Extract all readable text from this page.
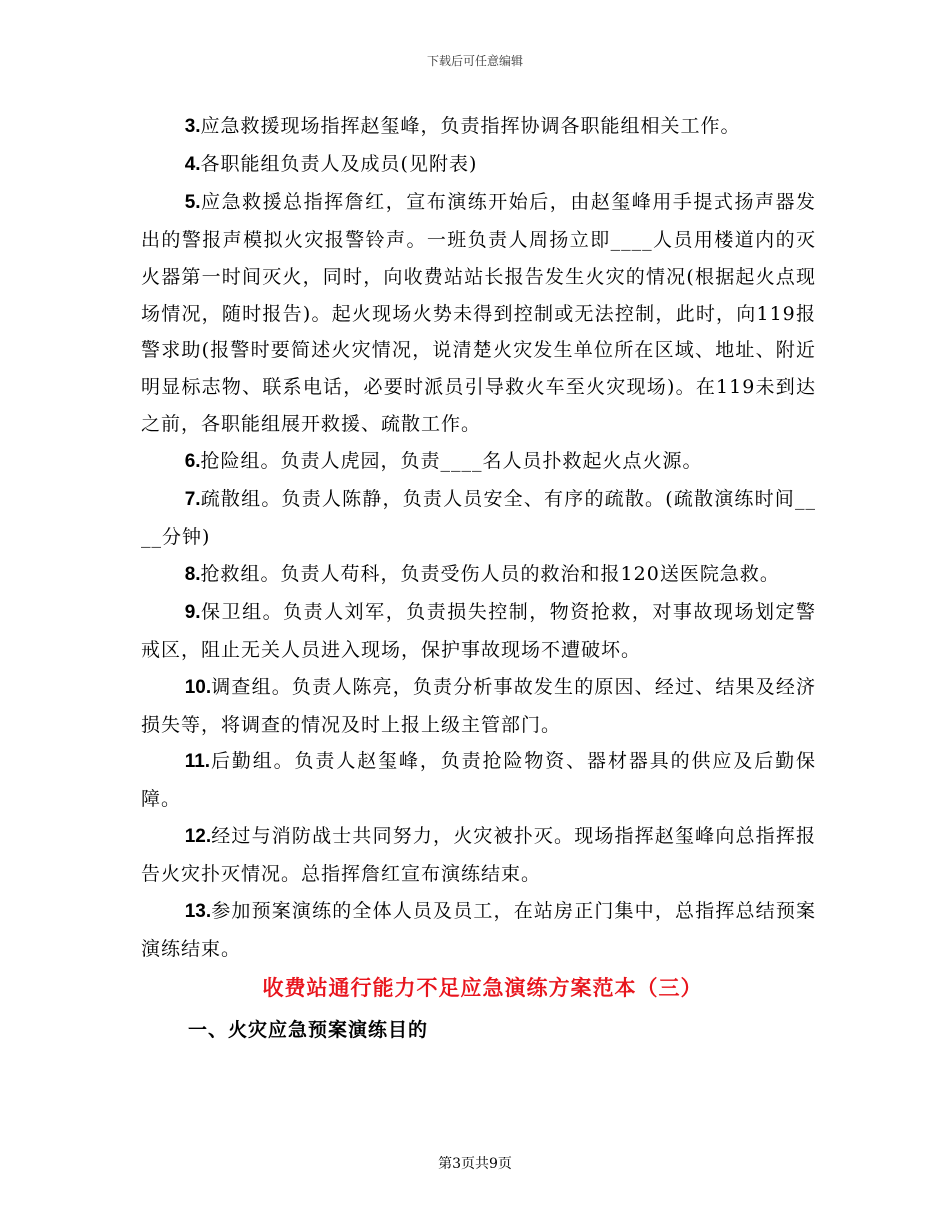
下载后可任意编辑

3.应急救援现场指挥赵玺峰，负责指挥协调各职能组相关工作。

4.各职能组负责人及成员(见附表)

5.应急救援总指挥詹红，宣布演练开始后，由赵玺峰用手提式扬声器发出的警报声模拟火灾报警铃声。一班负责人周扬立即____人员用楼道内的灭火器第一时间灭火，同时，向收费站站长报告发生火灾的情况(根据起火点现场情况，随时报告)。起火现场火势未得到控制或无法控制，此时，向119报警求助(报警时要简述火灾情况，说清楚火灾发生单位所在区域、地址、附近明显标志物、联系电话，必要时派员引导救火车至火灾现场)。在119未到达之前，各职能组展开救援、疏散工作。

6.抢险组。负责人虎园，负责____名人员扑救起火点火源。

7.疏散组。负责人陈静，负责人员安全、有序的疏散。(疏散演练时间____分钟)

8.抢救组。负责人苟科，负责受伤人员的救治和报120送医院急救。

9.保卫组。负责人刘军，负责损失控制，物资抢救，对事故现场划定警戒区，阻止无关人员进入现场，保护事故现场不遭破坏。

10.调查组。负责人陈亮，负责分析事故发生的原因、经过、结果及经济损失等，将调查的情况及时上报上级主管部门。

11.后勤组。负责人赵玺峰，负责抢险物资、器材器具的供应及后勤保障。

12.经过与消防战士共同努力，火灾被扑灭。现场指挥赵玺峰向总指挥报告火灾扑灭情况。总指挥詹红宣布演练结束。

13.参加预案演练的全体人员及员工，在站房正门集中，总指挥总结预案演练结束。

收费站通行能力不足应急演练方案范本（三）
一、火灾应急预案演练目的
第3页共9页
